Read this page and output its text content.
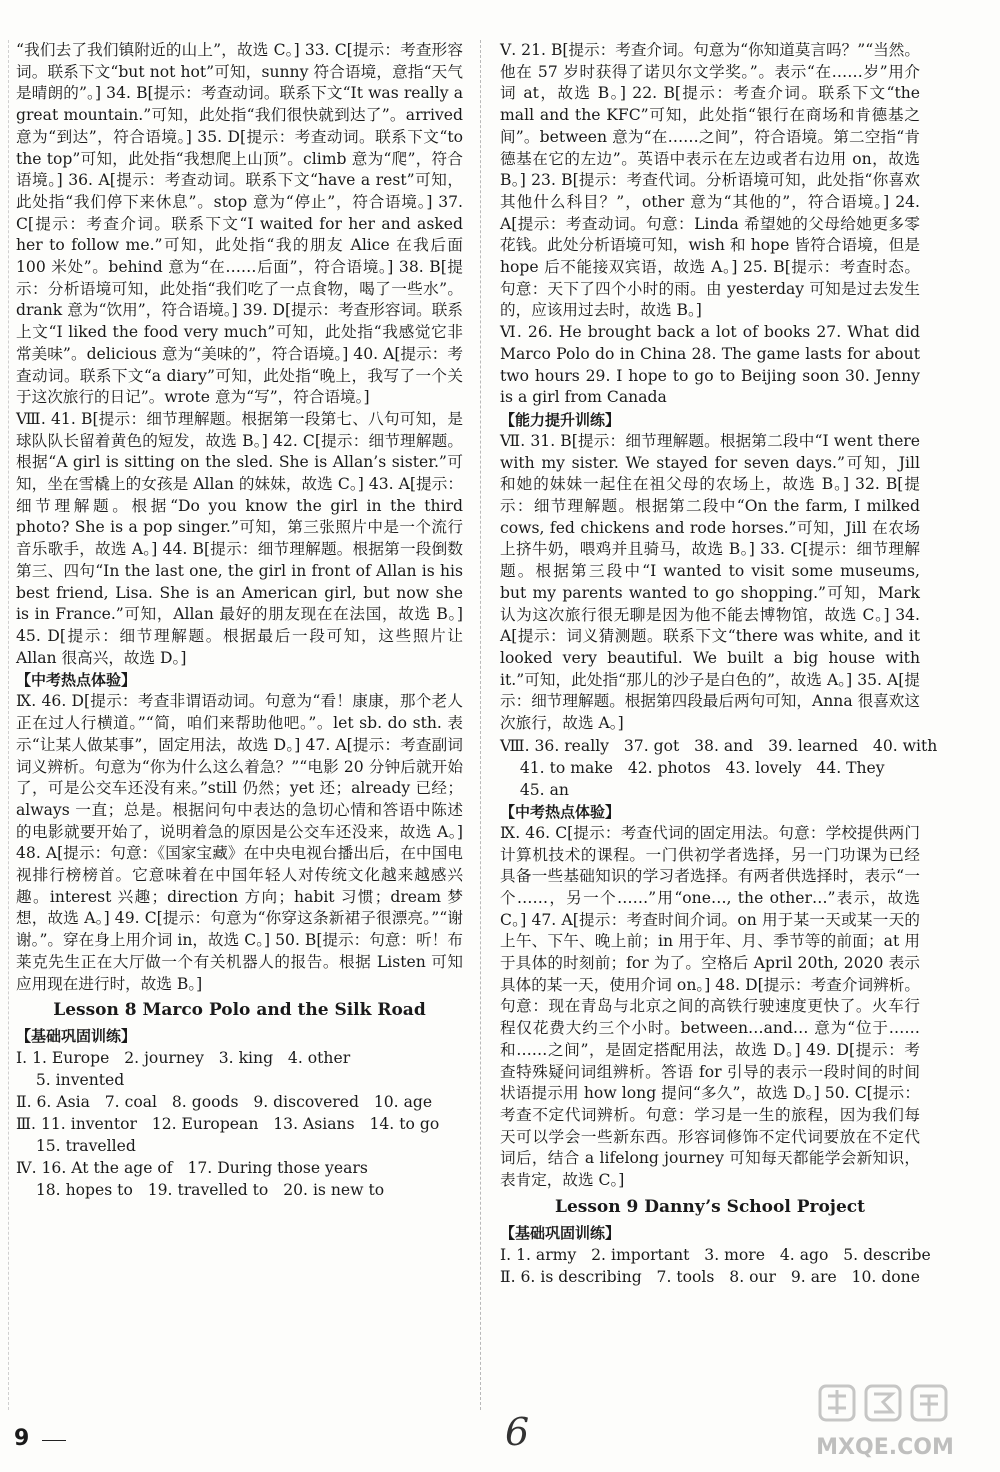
“我们去了我们镇附近的山上”，故选 C。] 33. C[提示：考查形容词。联系下文“but not hot”可知，sunny 符合语境，意指“天气是晴朗的”。] 34. B[提示：考查动词。联系下文“It was really a great mountain.”可知，此处指“我们很快就到达了”。arrived 意为“到达”，符合语境。] 35. D[提示：考查动词。联系下文“to the top”可知，此处指“我想爬上山顶”。climb 意为“爬”，符合语境。] 36. A[提示：考查动词。联系下文“have a rest”可知，此处指“我们停下来休息”。stop 意为“停止”，符合语境。] 37. C[提示：考查介词。联系下文“I waited for her and asked her to follow me.”可知，此处指“我的朋友 Alice 在我后面 100 米处”。behind 意为“在……后面”，符合语境。] 38. B[提示：分析语境可知，此处指“我们吃了一点食物，喝了一些水”。drank 意为“饮用”，符合语境。] 39. D[提示：考查形容词。联系上文“I liked the food very much”可知，此处指“我感觉它非常美味”。delicious 意为“美味的”，符合语境。] 40. A[提示：考查动词。联系下文“a diary”可知，此处指“晚上，我写了一个关于这次旅行的日记”。wrote 意为“写”，符合语境。]

Ⅷ. 41. B[提示：细节理解题。根据第一段第七、八句可知，是球队队长留着黄色的短发，故选 B。] 42. C[提示：细节理解题。根据“A girl is sitting on the sled. She is Allan’s sister.”可知，坐在雪橇上的女孩是 Allan 的妹妹，故选 C。] 43. A[提示：细节理解题。根据“Do you know the girl in the third photo? She is a pop singer.”可知，第三张照片中是一个流行音乐歌手，故选 A。] 44. B[提示：细节理解题。根据第一段倒数第三、四句“In the last one, the girl in front of Allan is his best friend, Lisa. She is an American girl, but now she is in France.”可知，Allan 最好的朋友现在在法国，故选 B。] 45. D[提示：细节理解题。根据最后一段可知，这些照片让 Allan 很高兴，故选 D。]

【中考热点体验】

Ⅸ. 46. D[提示：考查非谓语动词。句意为“看！康康，那个老人正在过人行横道。”“简，咱们来帮助他吧。”。let sb. do sth. 表示“让某人做某事”，固定用法，故选 D。] 47. A[提示：考查副词词义辨析。句意为“你为什么这么着急？”“电影 20 分钟后就开始了，可是公交车还没有来。”still 仍然；yet 还；already 已经；always 一直；总是。根据问句中表达的急切心情和答语中陈述的电影就要开始了，说明着急的原因是公交车还没来，故选 A。] 48. A[提示：句意：《国家宝藏》在中央电视台播出后，在中国电视排行榜榜首。它意味着在中国年轻人对传统文化越来越感兴趣。interest 兴趣；direction 方向；habit 习惯；dream 梦想，故选 A。] 49. C[提示：句意为“你穿这条新裙子很漂亮。”“谢谢。”。穿在身上用介词 in，故选 C。] 50. B[提示：句意：听！布莱克先生正在大厅做一个有关机器人的报告。根据 Listen 可知应用现在进行时，故选 B。]

Lesson 8 Marco Polo and the Silk Road

【基础巩固训练】

Ⅰ. 1. Europe   2. journey   3. king   4. other

5. invented

Ⅱ. 6. Asia   7. coal   8. goods   9. discovered   10. age

Ⅲ. 11. inventor   12. European   13. Asians   14. to go

15. travelled

Ⅳ. 16. At the age of   17. During those years

18. hopes to   19. travelled to   20. is new to

Ⅴ. 21. B[提示：考查介词。句意为“你知道莫言吗？”“当然。他在 57 岁时获得了诺贝尔文学奖。”。表示“在……岁”用介词 at，故选 B。] 22. B[提示：考查介词。联系下文“the mall and the KFC”可知，此处指“银行在商场和肯德基之间”。between 意为“在……之间”，符合语境。第二空指“肯德基在它的左边”。英语中表示在左边或者右边用 on，故选 B。] 23. B[提示：考查代词。分析语境可知，此处指“你喜欢其他什么科目？”，other 意为“其他的”，符合语境。] 24. A[提示：考查动词。句意：Linda 希望她的父母给她更多零花钱。此处分析语境可知，wish 和 hope 皆符合语境，但是 hope 后不能接双宾语，故选 A。] 25. B[提示：考查时态。句意：天下了四个小时的雨。由 yesterday 可知是过去发生的，应该用过去时，故选 B。]

Ⅵ. 26. He brought back a lot of books 27. What did Marco Polo do in China 28. The game lasts for about two hours 29. I hope to go to Beijing soon 30. Jenny is a girl from Canada

【能力提升训练】

Ⅶ. 31. B[提示：细节理解题。根据第二段中“I went there with my sister. We stayed for seven days.”可知，Jill 和她的妹妹一起住在祖父母的农场上，故选 B。] 32. B[提示：细节理解题。根据第二段中“On the farm, I milked cows, fed chickens and rode horses.”可知，Jill 在农场上挤牛奶，喂鸡并且骑马，故选 B。] 33. C[提示：细节理解题。根据第三段中“I wanted to visit some museums, but my parents wanted to go shopping.”可知，Mark 认为这次旅行很无聊是因为他不能去博物馆，故选 C。] 34. A[提示：词义猜测题。联系下文“there was white, and it looked very beautiful. We built a big house with it.”可知，此处指“那儿的沙子是白色的”，故选 A。] 35. A[提示：细节理解题。根据第四段最后两句可知，Anna 很喜欢这次旅行，故选 A。]

Ⅷ. 36. really   37. got   38. and   39. learned   40. with

41. to make   42. photos   43. lovely   44. They

45. an

【中考热点体验】

Ⅸ. 46. C[提示：考查代词的固定用法。句意：学校提供两门计算机技术的课程。一门供初学者选择，另一门功课为已经具备一些基础知识的学习者选择。有两者供选择时，表示“一个……，另一个……”用“one…, the other…”表示，故选 C。] 47. A[提示：考查时间介词。on 用于某一天或某一天的上午、下午、晚上前；in 用于年、月、季节等的前面；at 用于具体的时刻前；for 为了。空格后 April 20th, 2020 表示具体的某一天，使用介词 on。] 48. D[提示：考查介词辨析。句意：现在青岛与北京之间的高铁行驶速度更快了。火车行程仅花费大约三个小时。between…and… 意为“位于……和……之间”，是固定搭配用法，故选 D。] 49. D[提示：考查特殊疑问词组辨析。答语 for 引导的表示一段时间的时间状语提示用 how long 提问“多久”，故选 D。] 50. C[提示：考查不定代词辨析。句意：学习是一生的旅程，因为我们每天可以学会一些新东西。形容词修饰不定代词要放在不定代词后，结合 a lifelong journey 可知每天都能学会新知识，表肯定，故选 C。]

Lesson 9 Danny’s School Project

【基础巩固训练】

Ⅰ. 1. army   2. important   3. more   4. ago   5. describe

Ⅱ. 6. is describing   7. tools   8. our   9. are   10. done

9	6	MXQE.COM
